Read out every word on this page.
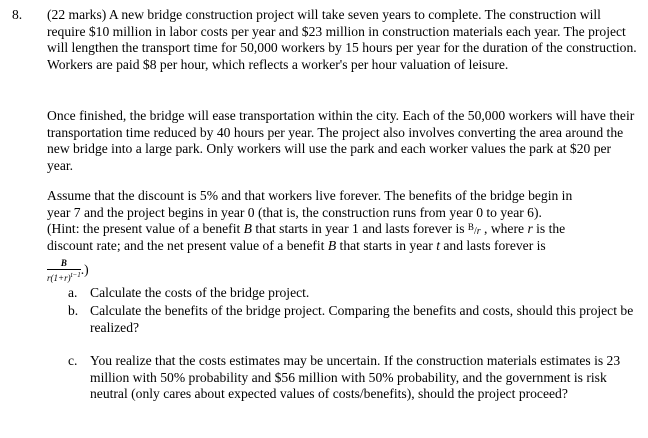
8. (22 marks) A new bridge construction project will take seven years to complete. The construction will require $10 million in labor costs per year and $23 million in construction materials each year. The project will lengthen the transport time for 50,000 workers by 15 hours per year for the duration of the construction. Workers are paid $8 per hour, which reflects a worker's per hour valuation of leisure.
Once finished, the bridge will ease transportation within the city. Each of the 50,000 workers will have their transportation time reduced by 40 hours per year. The project also involves converting the area around the new bridge into a large park. Only workers will use the park and each worker values the park at $20 per year.
Assume that the discount is 5% and that workers live forever. The benefits of the bridge begin in
year 7 and the project begins in year 0 (that is, the construction runs from year 0 to year 6).
(Hint: the present value of a benefit B that starts in year 1 and lasts forever is $^B$/r , where r is the
discount rate; and the net present value of a benefit B that starts in year t and lasts forever is
$\frac{B}{r(1+r)^{t-1}}$ .)
a. Calculate the costs of the bridge project.
b. Calculate the benefits of the bridge project. Comparing the benefits and costs, should this project be realized?
c. You realize that the costs estimates may be uncertain. If the construction materials estimates is 23 million with 50% probability and $56 million with 50% probability, and the government is risk neutral (only cares about expected values of costs/benefits), should the project proceed?
